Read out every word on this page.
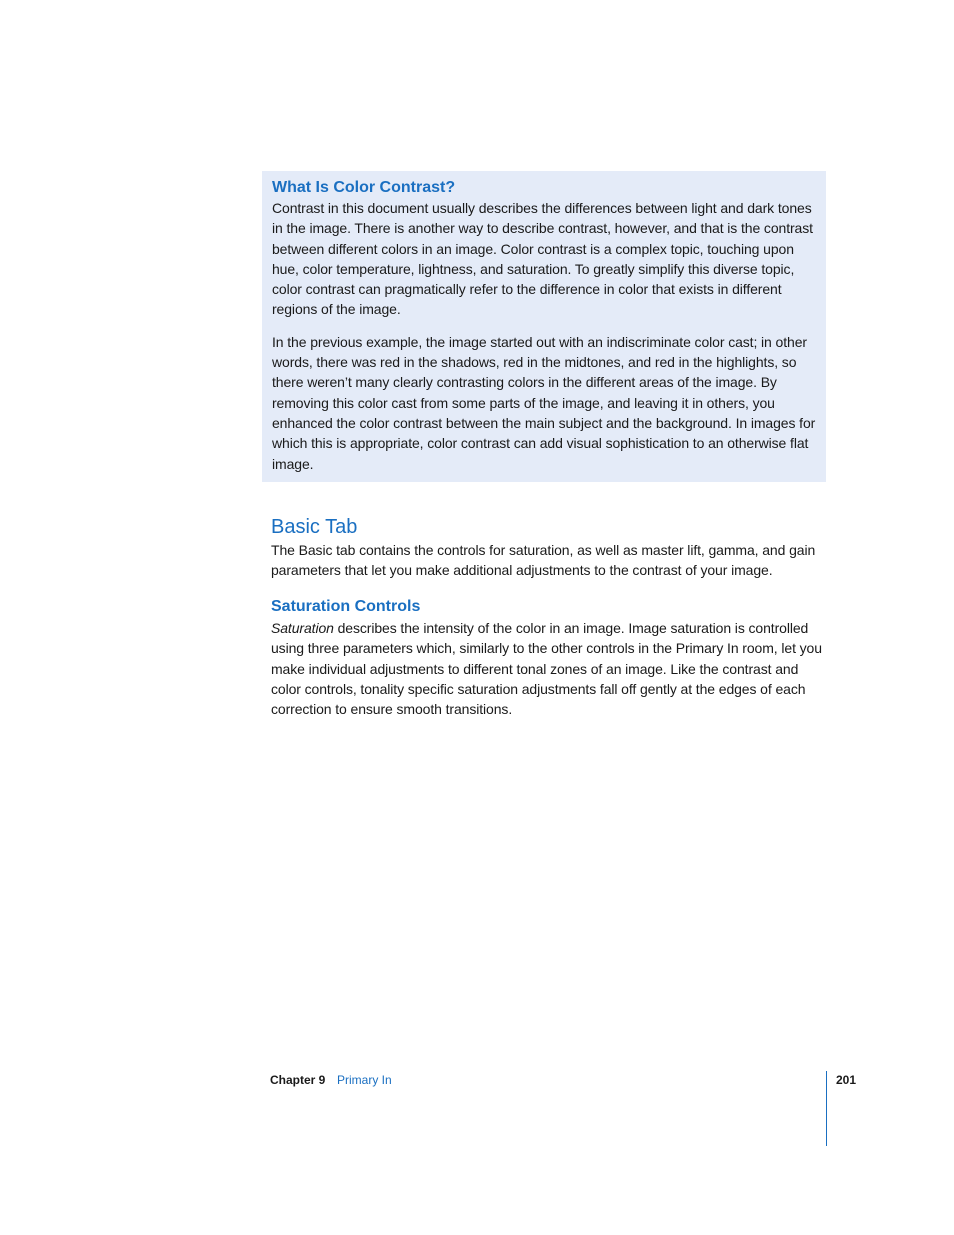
What Is Color Contrast?

Contrast in this document usually describes the differences between light and dark tones in the image. There is another way to describe contrast, however, and that is the contrast between different colors in an image. Color contrast is a complex topic, touching upon hue, color temperature, lightness, and saturation. To greatly simplify this diverse topic, color contrast can pragmatically refer to the difference in color that exists in different regions of the image.

In the previous example, the image started out with an indiscriminate color cast; in other words, there was red in the shadows, red in the midtones, and red in the highlights, so there weren’t many clearly contrasting colors in the different areas of the image. By removing this color cast from some parts of the image, and leaving it in others, you enhanced the color contrast between the main subject and the background. In images for which this is appropriate, color contrast can add visual sophistication to an otherwise flat image.

Basic Tab

The Basic tab contains the controls for saturation, as well as master lift, gamma, and gain parameters that let you make additional adjustments to the contrast of your image.

Saturation Controls

Saturation describes the intensity of the color in an image. Image saturation is controlled using three parameters which, similarly to the other controls in the Primary In room, let you make individual adjustments to different tonal zones of an image. Like the contrast and color controls, tonality specific saturation adjustments fall off gently at the edges of each correction to ensure smooth transitions.

Chapter 9 Primary In	201
